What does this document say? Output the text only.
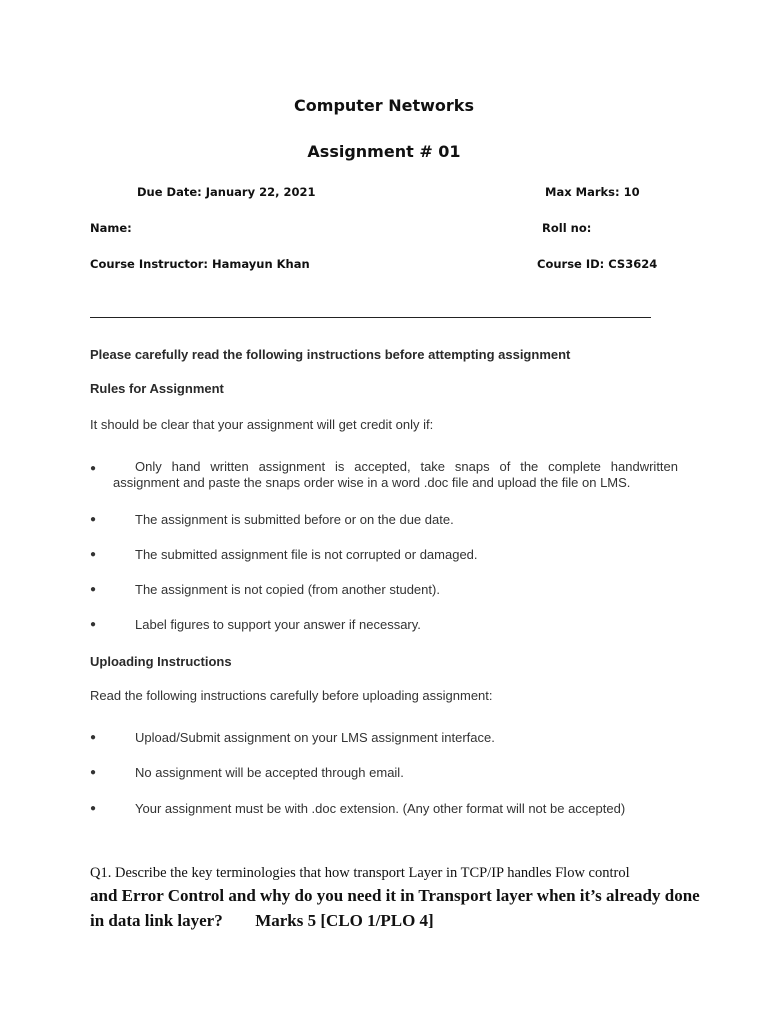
Computer Networks
Assignment # 01
Due Date: January 22, 2021	Max Marks: 10
Name:	Roll no:
Course Instructor: Hamayun Khan	Course ID: CS3624
Please carefully read the following instructions before attempting assignment
Rules for Assignment
It should be clear that your assignment will get credit only if:
●	Only hand written assignment is accepted, take snaps of the complete handwritten
assignment and paste the snaps order wise in a word .doc file and upload the file on LMS.
●	The assignment is submitted before or on the due date.
●	The submitted assignment file is not corrupted or damaged.
●	The assignment is not copied (from another student).
●	Label figures to support your answer if necessary.
Uploading Instructions
Read the following instructions carefully before uploading assignment:
●	Upload/Submit assignment on your LMS assignment interface.
●	No assignment will be accepted through email.
●	Your assignment must be with .doc extension. (Any other format will not be accepted)
Q1. Describe the key terminologies that how transport Layer in TCP/IP handles Flow control
and Error Control and why do you need it in Transport layer when it’s already done
in data link layer? Marks 5 [CLO 1/PLO 4]
